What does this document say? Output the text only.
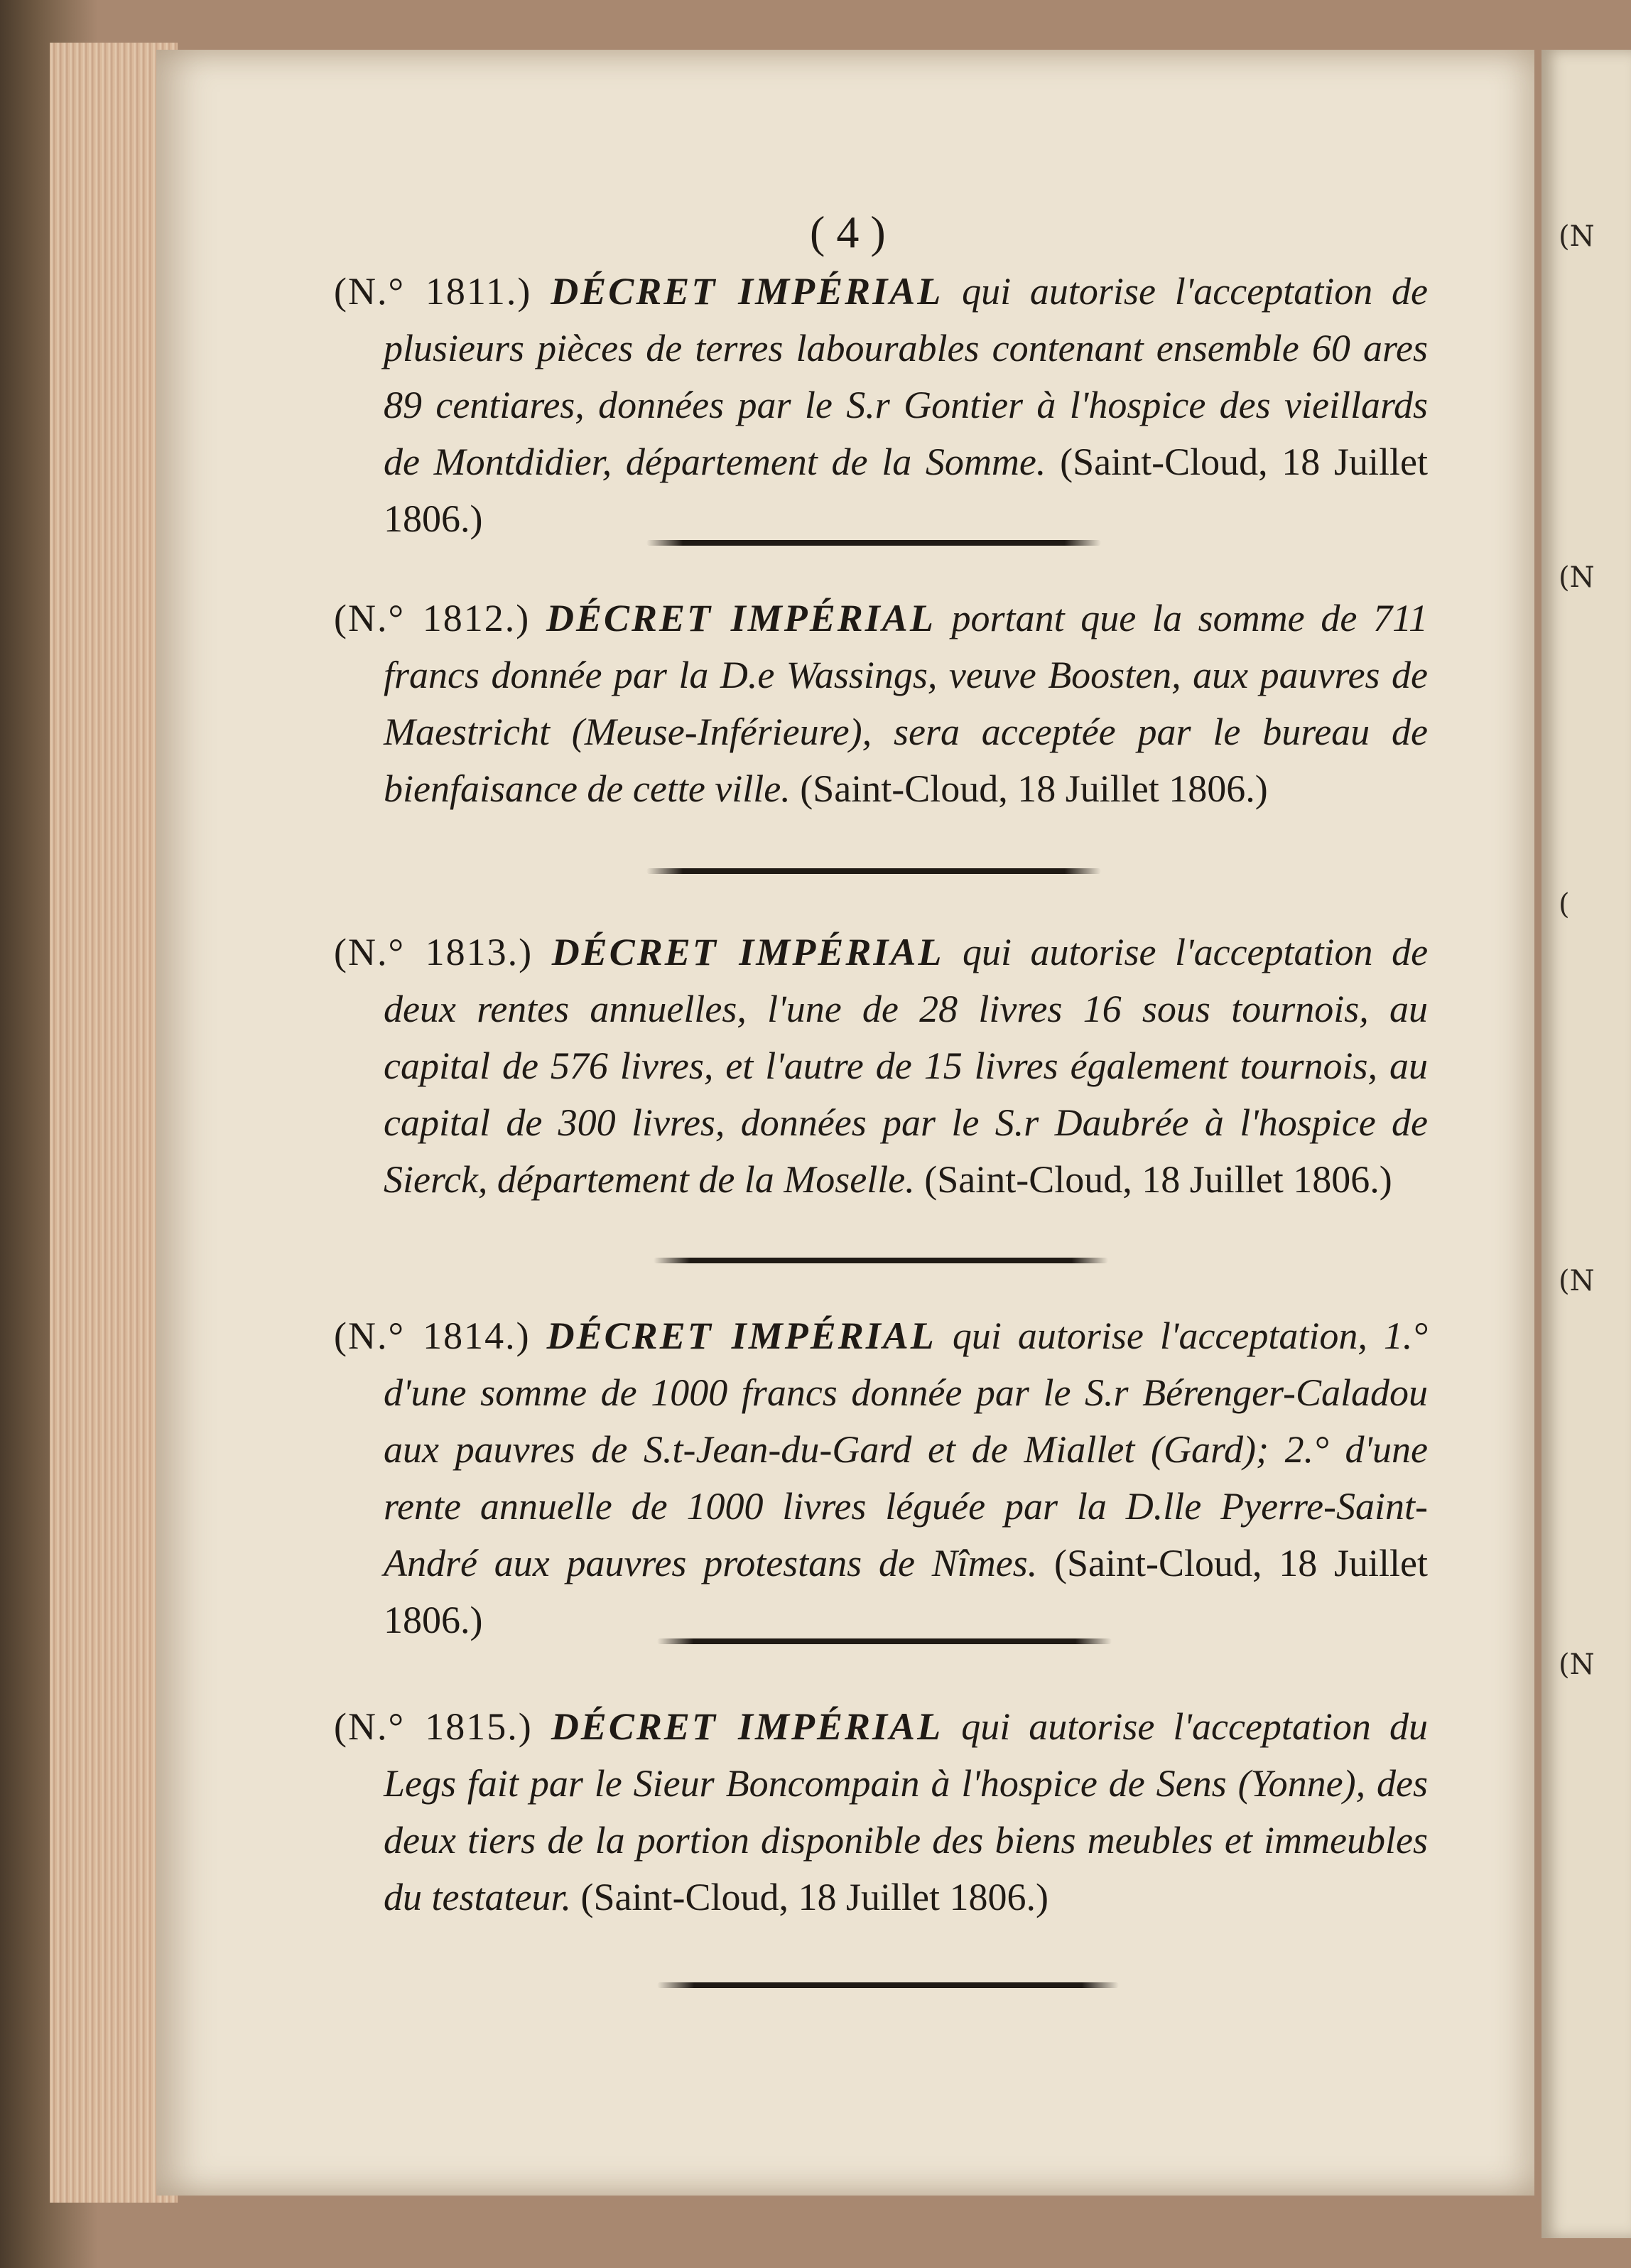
(N
(N
(
(N
(N
( 4 )

(N.° 1811.) DÉCRET IMPÉRIAL qui autorise l'acceptation de plusieurs pièces de terres labourables contenant ensemble 60 ares 89 centiares, données par le S.r Gontier à l'hospice des vieillards de Montdidier, département de la Somme. (Saint-Cloud, 18 Juillet 1806.)

(N.° 1812.) DÉCRET IMPÉRIAL portant que la somme de 711 francs donnée par la D.e Wassings, veuve Boosten, aux pauvres de Maestricht (Meuse-Inférieure), sera acceptée par le bureau de bienfaisance de cette ville. (Saint-Cloud, 18 Juillet 1806.)

(N.° 1813.) DÉCRET IMPÉRIAL qui autorise l'acceptation de deux rentes annuelles, l'une de 28 livres 16 sous tournois, au capital de 576 livres, et l'autre de 15 livres également tournois, au capital de 300 livres, données par le S.r Daubrée à l'hospice de Sierck, département de la Moselle. (Saint-Cloud, 18 Juillet 1806.)

(N.° 1814.) DÉCRET IMPÉRIAL qui autorise l'acceptation, 1.° d'une somme de 1000 francs donnée par le S.r Bérenger-Caladou aux pauvres de S.t-Jean-du-Gard et de Miallet (Gard); 2.° d'une rente annuelle de 1000 livres léguée par la D.lle Pyerre-Saint-André aux pauvres protestans de Nîmes. (Saint-Cloud, 18 Juillet 1806.)

(N.° 1815.) DÉCRET IMPÉRIAL qui autorise l'acceptation du Legs fait par le Sieur Boncompain à l'hospice de Sens (Yonne), des deux tiers de la portion disponible des biens meubles et immeubles du testateur. (Saint-Cloud, 18 Juillet 1806.)
